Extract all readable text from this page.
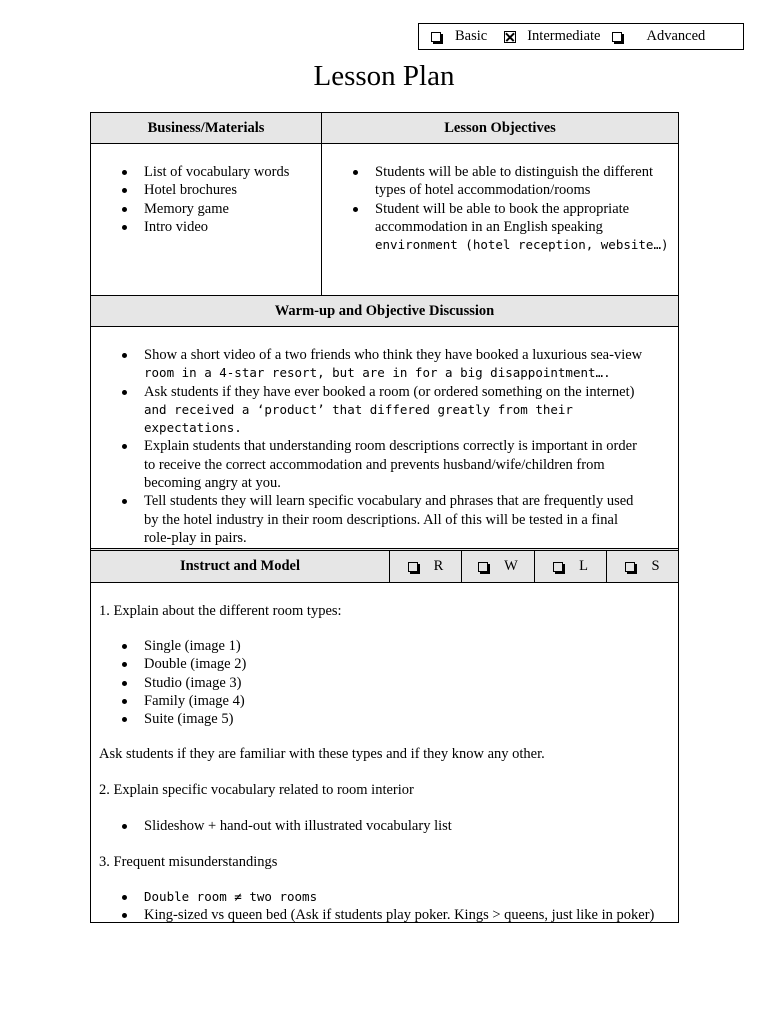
Basic	Intermediate	Advanced
Lesson Plan
Business/Materials	Lesson Objectives
List of vocabulary words
Hotel brochures
Memory game
Intro video
Students will be able to distinguish the different
types of hotel accommodation/rooms
Student will be able to book the appropriate
accommodation in an English speaking
environment (hotel reception, website…)
Warm-up and Objective Discussion
Show a short video of a two friends who think they have booked a luxurious sea-view
room in a 4-star resort, but are in for a big disappointment….
Ask students if they have ever booked a room (or ordered something on the internet)
and received a ‘product’ that differed greatly from their expectations.
Explain students that understanding room descriptions correctly is important in order
to receive the correct accommodation and prevents husband/wife/children from
becoming angry at you.
Tell students they will learn specific vocabulary and phrases that are frequently used
by the hotel industry in their room descriptions. All of this will be tested in a final
role-play in pairs.
Instruct and Model	R	W	L	S

1. Explain about the different room types:

Single (image 1)
Double (image 2)
Studio (image 3)
Family (image 4)
Suite (image 5)

Ask students if they are familiar with these types and if they know any other.

2. Explain specific vocabulary related to room interior

Slideshow + hand-out with illustrated vocabulary list

3. Frequent misunderstandings

Double room ≠ two rooms
King-sized vs queen bed (Ask if students play poker. Kings > queens, just like in poker)
